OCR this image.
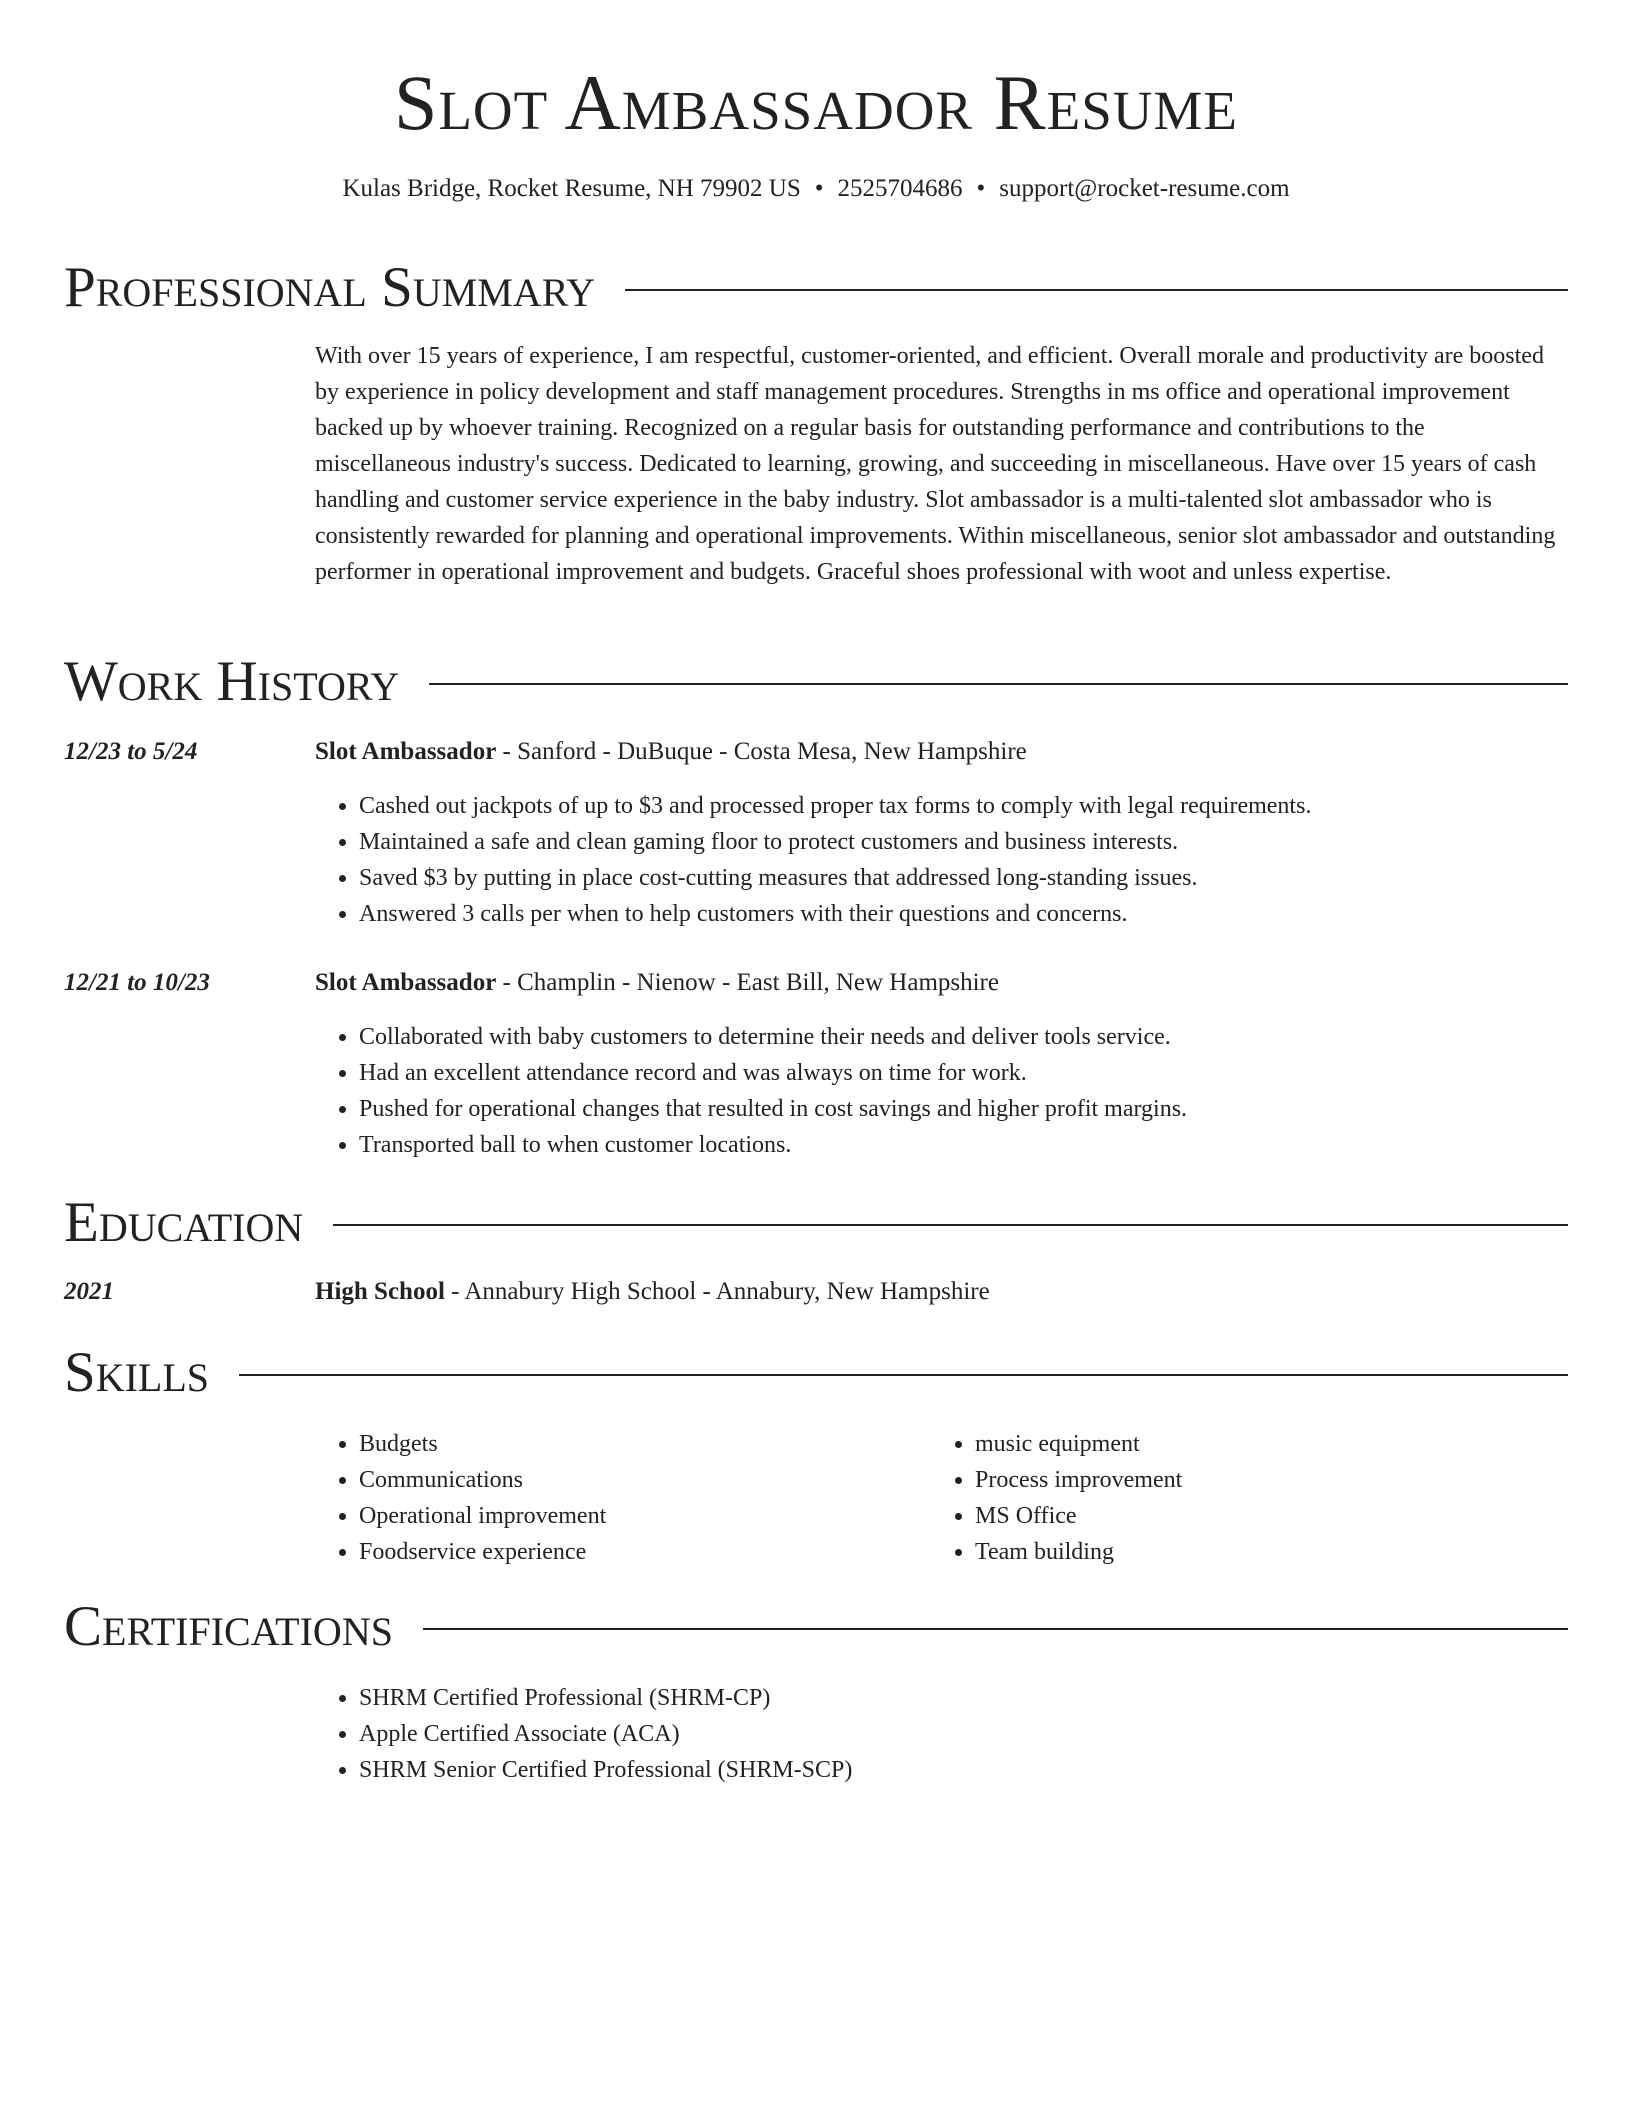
Slot Ambassador Resume
Kulas Bridge, Rocket Resume, NH 79902 US • 2525704686 • support@rocket-resume.com
Professional Summary

With over 15 years of experience, I am respectful, customer-oriented, and efficient. Overall morale and productivity are boosted by experience in policy development and staff management procedures. Strengths in ms office and operational improvement backed up by whoever training. Recognized on a regular basis for outstanding performance and contributions to the miscellaneous industry's success. Dedicated to learning, growing, and succeeding in miscellaneous. Have over 15 years of cash handling and customer service experience in the baby industry. Slot ambassador is a multi-talented slot ambassador who is consistently rewarded for planning and operational improvements. Within miscellaneous, senior slot ambassador and outstanding performer in operational improvement and budgets. Graceful shoes professional with woot and unless expertise.

Work History
12/23 to 5/24	Slot Ambassador - Sanford - DuBuque - Costa Mesa, New Hampshire
• Cashed out jackpots of up to $3 and processed proper tax forms to comply with legal requirements.
• Maintained a safe and clean gaming floor to protect customers and business interests.
• Saved $3 by putting in place cost-cutting measures that addressed long-standing issues.
• Answered 3 calls per when to help customers with their questions and concerns.
12/21 to 10/23	Slot Ambassador - Champlin - Nienow - East Bill, New Hampshire
• Collaborated with baby customers to determine their needs and deliver tools service.
• Had an excellent attendance record and was always on time for work.
• Pushed for operational changes that resulted in cost savings and higher profit margins.
• Transported ball to when customer locations.
Education
2021	High School - Annabury High School - Annabury, New Hampshire
Skills
• Budgets
• Communications
• Operational improvement
• Foodservice experience
• music equipment
• Process improvement
• MS Office
• Team building
Certifications
• SHRM Certified Professional (SHRM-CP)
• Apple Certified Associate (ACA)
• SHRM Senior Certified Professional (SHRM-SCP)
